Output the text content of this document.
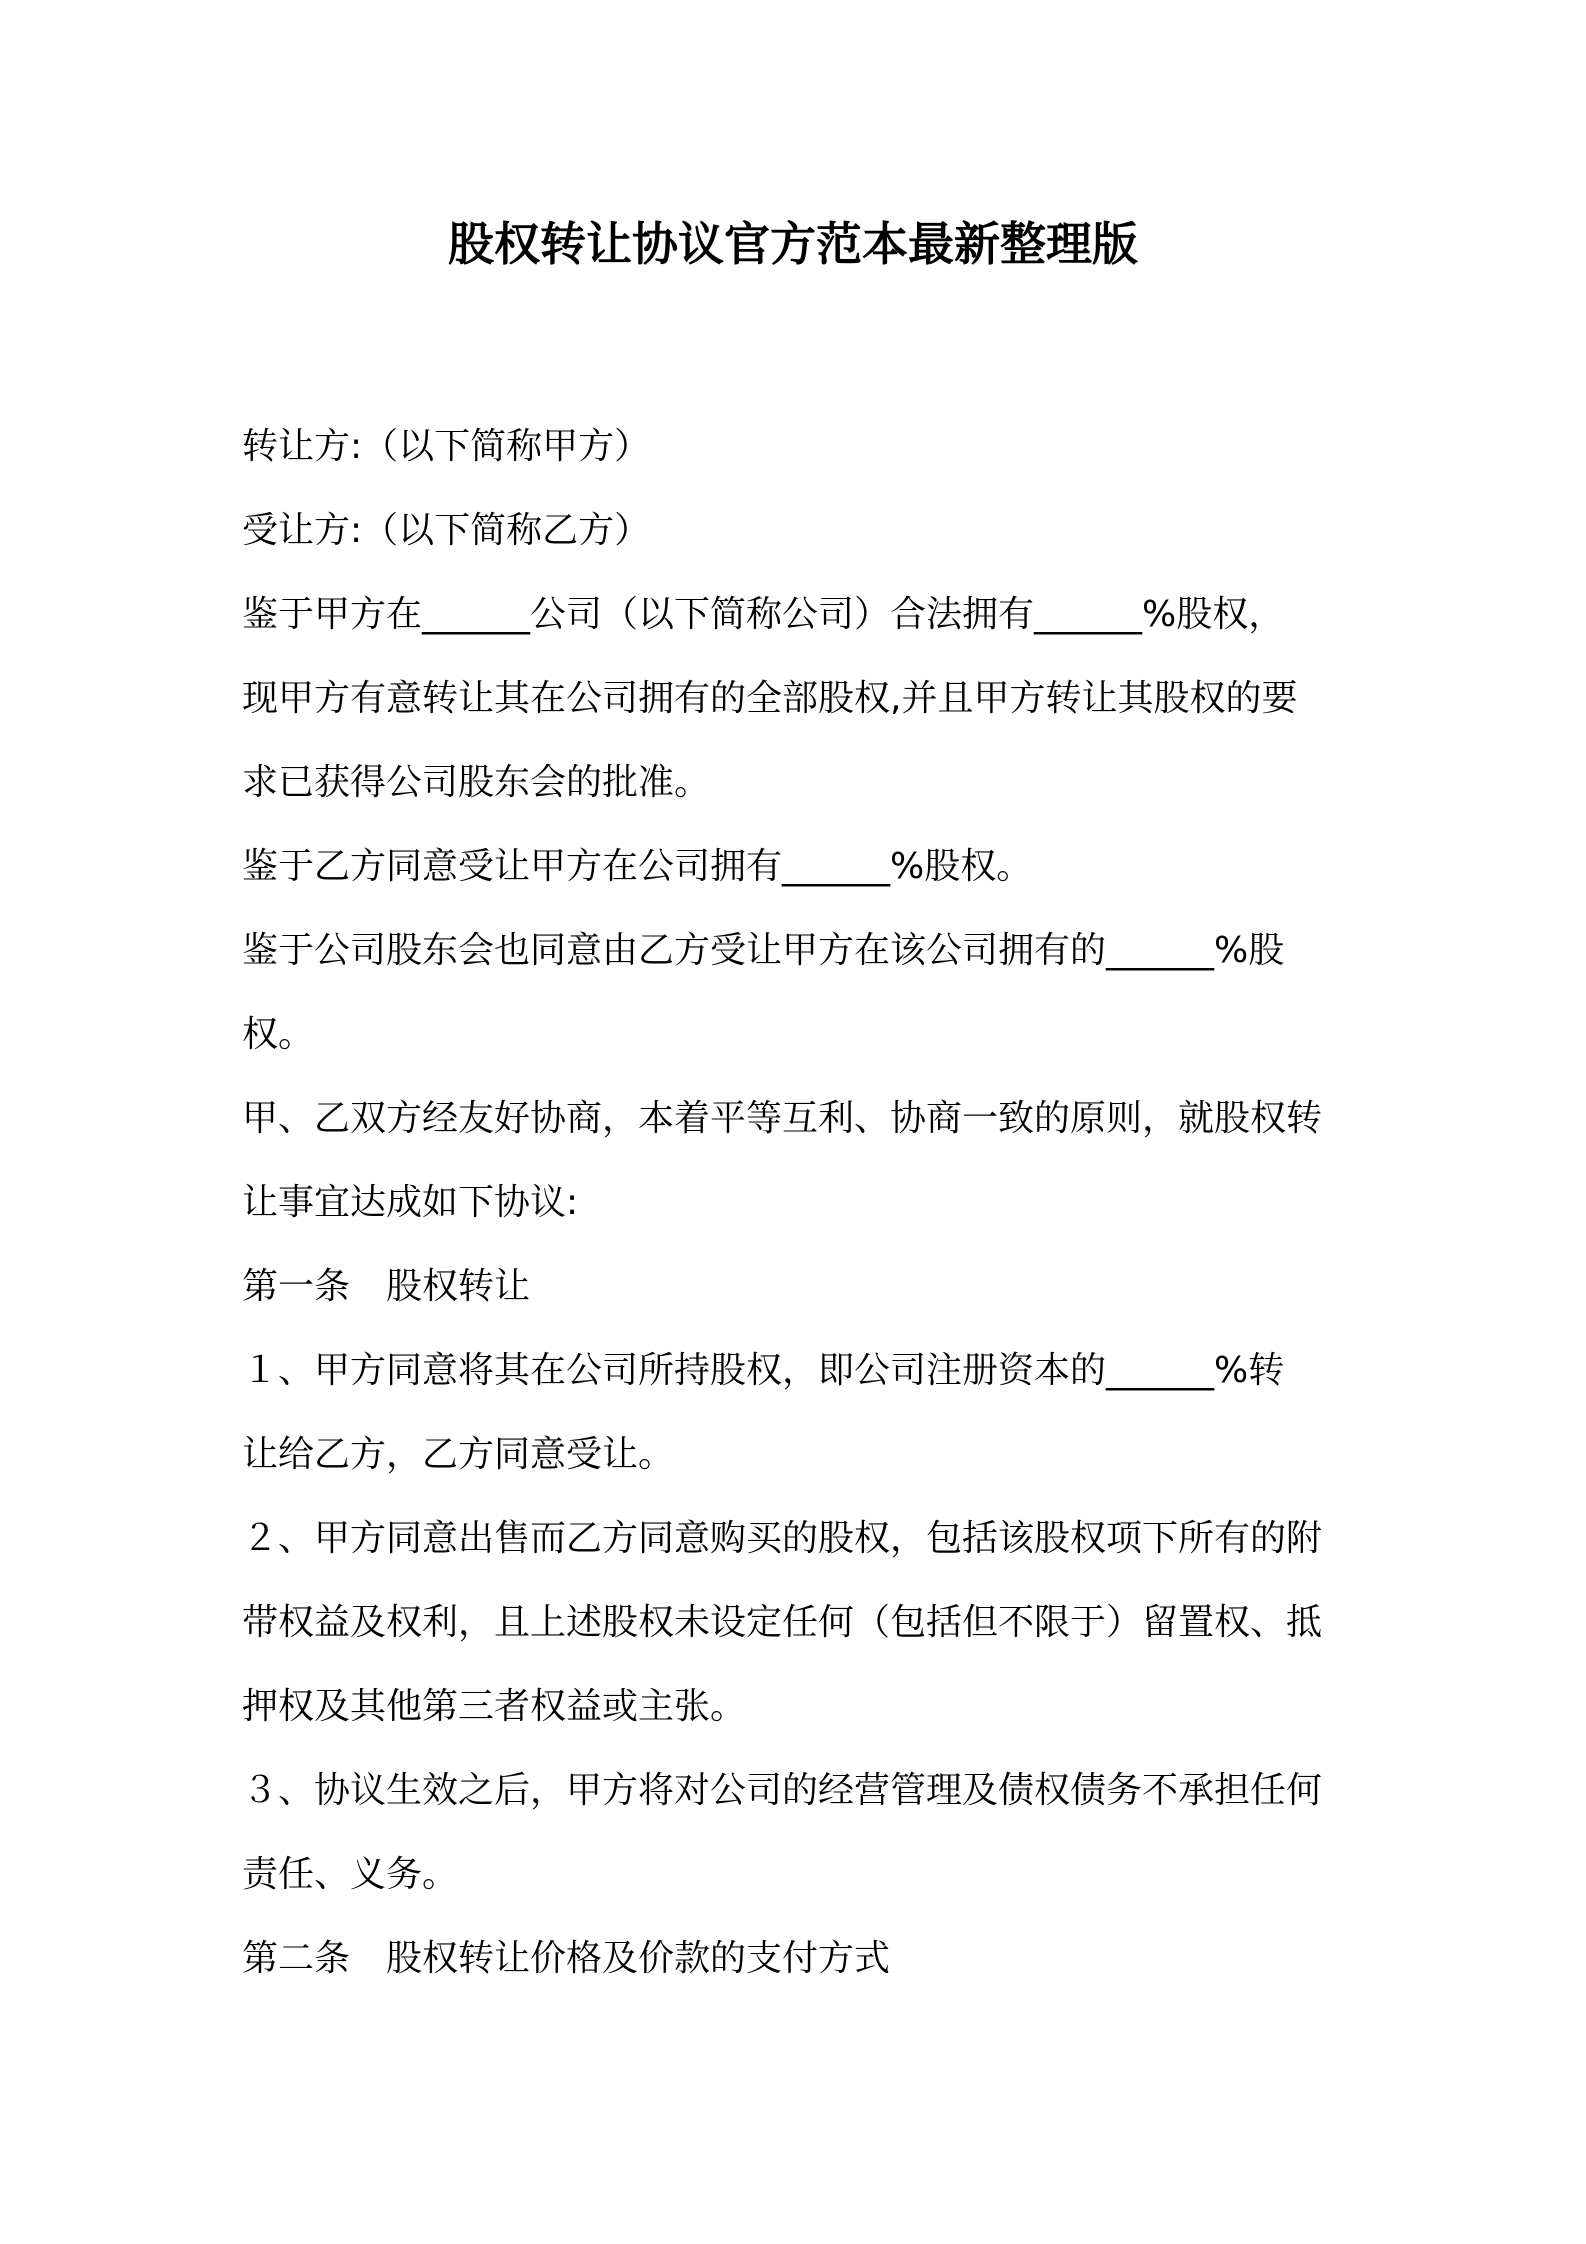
股权转让协议官方范本最新整理版
转让方:（以下简称甲方）
受让方:（以下简称乙方）
鉴于甲方在______公司（以下简称公司）合法拥有______%股权，
现甲方有意转让其在公司拥有的全部股权,并且甲方转让其股权的要
求已获得公司股东会的批准。
鉴于乙方同意受让甲方在公司拥有______%股权。
鉴于公司股东会也同意由乙方受让甲方在该公司拥有的______%股
权。
甲、乙双方经友好协商，本着平等互利、协商一致的原则，就股权转
让事宜达成如下协议:
第一条　股权转让
１、甲方同意将其在公司所持股权，即公司注册资本的______%转
让给乙方，乙方同意受让。
２、甲方同意出售而乙方同意购买的股权，包括该股权项下所有的附
带权益及权利，且上述股权未设定任何（包括但不限于）留置权、抵
押权及其他第三者权益或主张。
３、协议生效之后，甲方将对公司的经营管理及债权债务不承担任何
责任、义务。
第二条　股权转让价格及价款的支付方式
